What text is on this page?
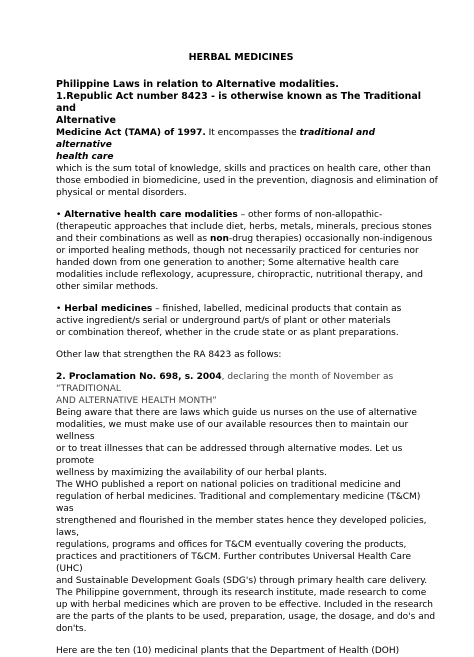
HERBAL MEDICINES
Philippine Laws in relation to Alternative modalities.
1.Republic Act number 8423 - is otherwise known as The Traditional and
Alternative
Medicine Act (TAMA) of 1997. It encompasses the traditional and alternative
health care
which is the sum total of knowledge, skills and practices on health care, other than
those embodied in biomedicine, used in the prevention, diagnosis and elimination of
physical or mental disorders.
• Alternative health care modalities – other forms of non-allopathic-
(therapeutic approaches that include diet, herbs, metals, minerals, precious stones
and their combinations as well as non-drug therapies) occasionally non-indigenous
or imported healing methods, though not necessarily practiced for centuries nor
handed down from one generation to another; Some alternative health care
modalities include reflexology, acupressure, chiropractic, nutritional therapy, and
other similar methods.
• Herbal medicines – finished, labelled, medicinal products that contain as
active ingredient/s serial or underground part/s of plant or other materials
or combination thereof, whether in the crude state or as plant preparations.
Other law that strengthen the RA 8423 as follows:
2. Proclamation No. 698, s. 2004, declaring the month of November as
“TRADITIONAL
AND ALTERNATIVE HEALTH MONTH”
Being aware that there are laws which guide us nurses on the use of alternative
modalities, we must make use of our available resources then to maintain our
wellness
or to treat illnesses that can be addressed through alternative modes. Let us
promote
wellness by maximizing the availability of our herbal plants.
The WHO published a report on national policies on traditional medicine and
regulation of herbal medicines. Traditional and complementary medicine (T&CM)
was
strengthened and flourished in the member states hence they developed policies,
laws,
regulations, programs and offices for T&CM eventually covering the products,
practices and practitioners of T&CM. Further contributes Universal Health Care
(UHC)
and Sustainable Development Goals (SDG's) through primary health care delivery.
The Philippine government, through its research institute, made research to come
up with herbal medicines which are proven to be effective. Included in the research
are the parts of the plants to be used, preparation, usage, the dosage, and do's and
don'ts.
Here are the ten (10) medicinal plants that the Department of Health (DOH)
